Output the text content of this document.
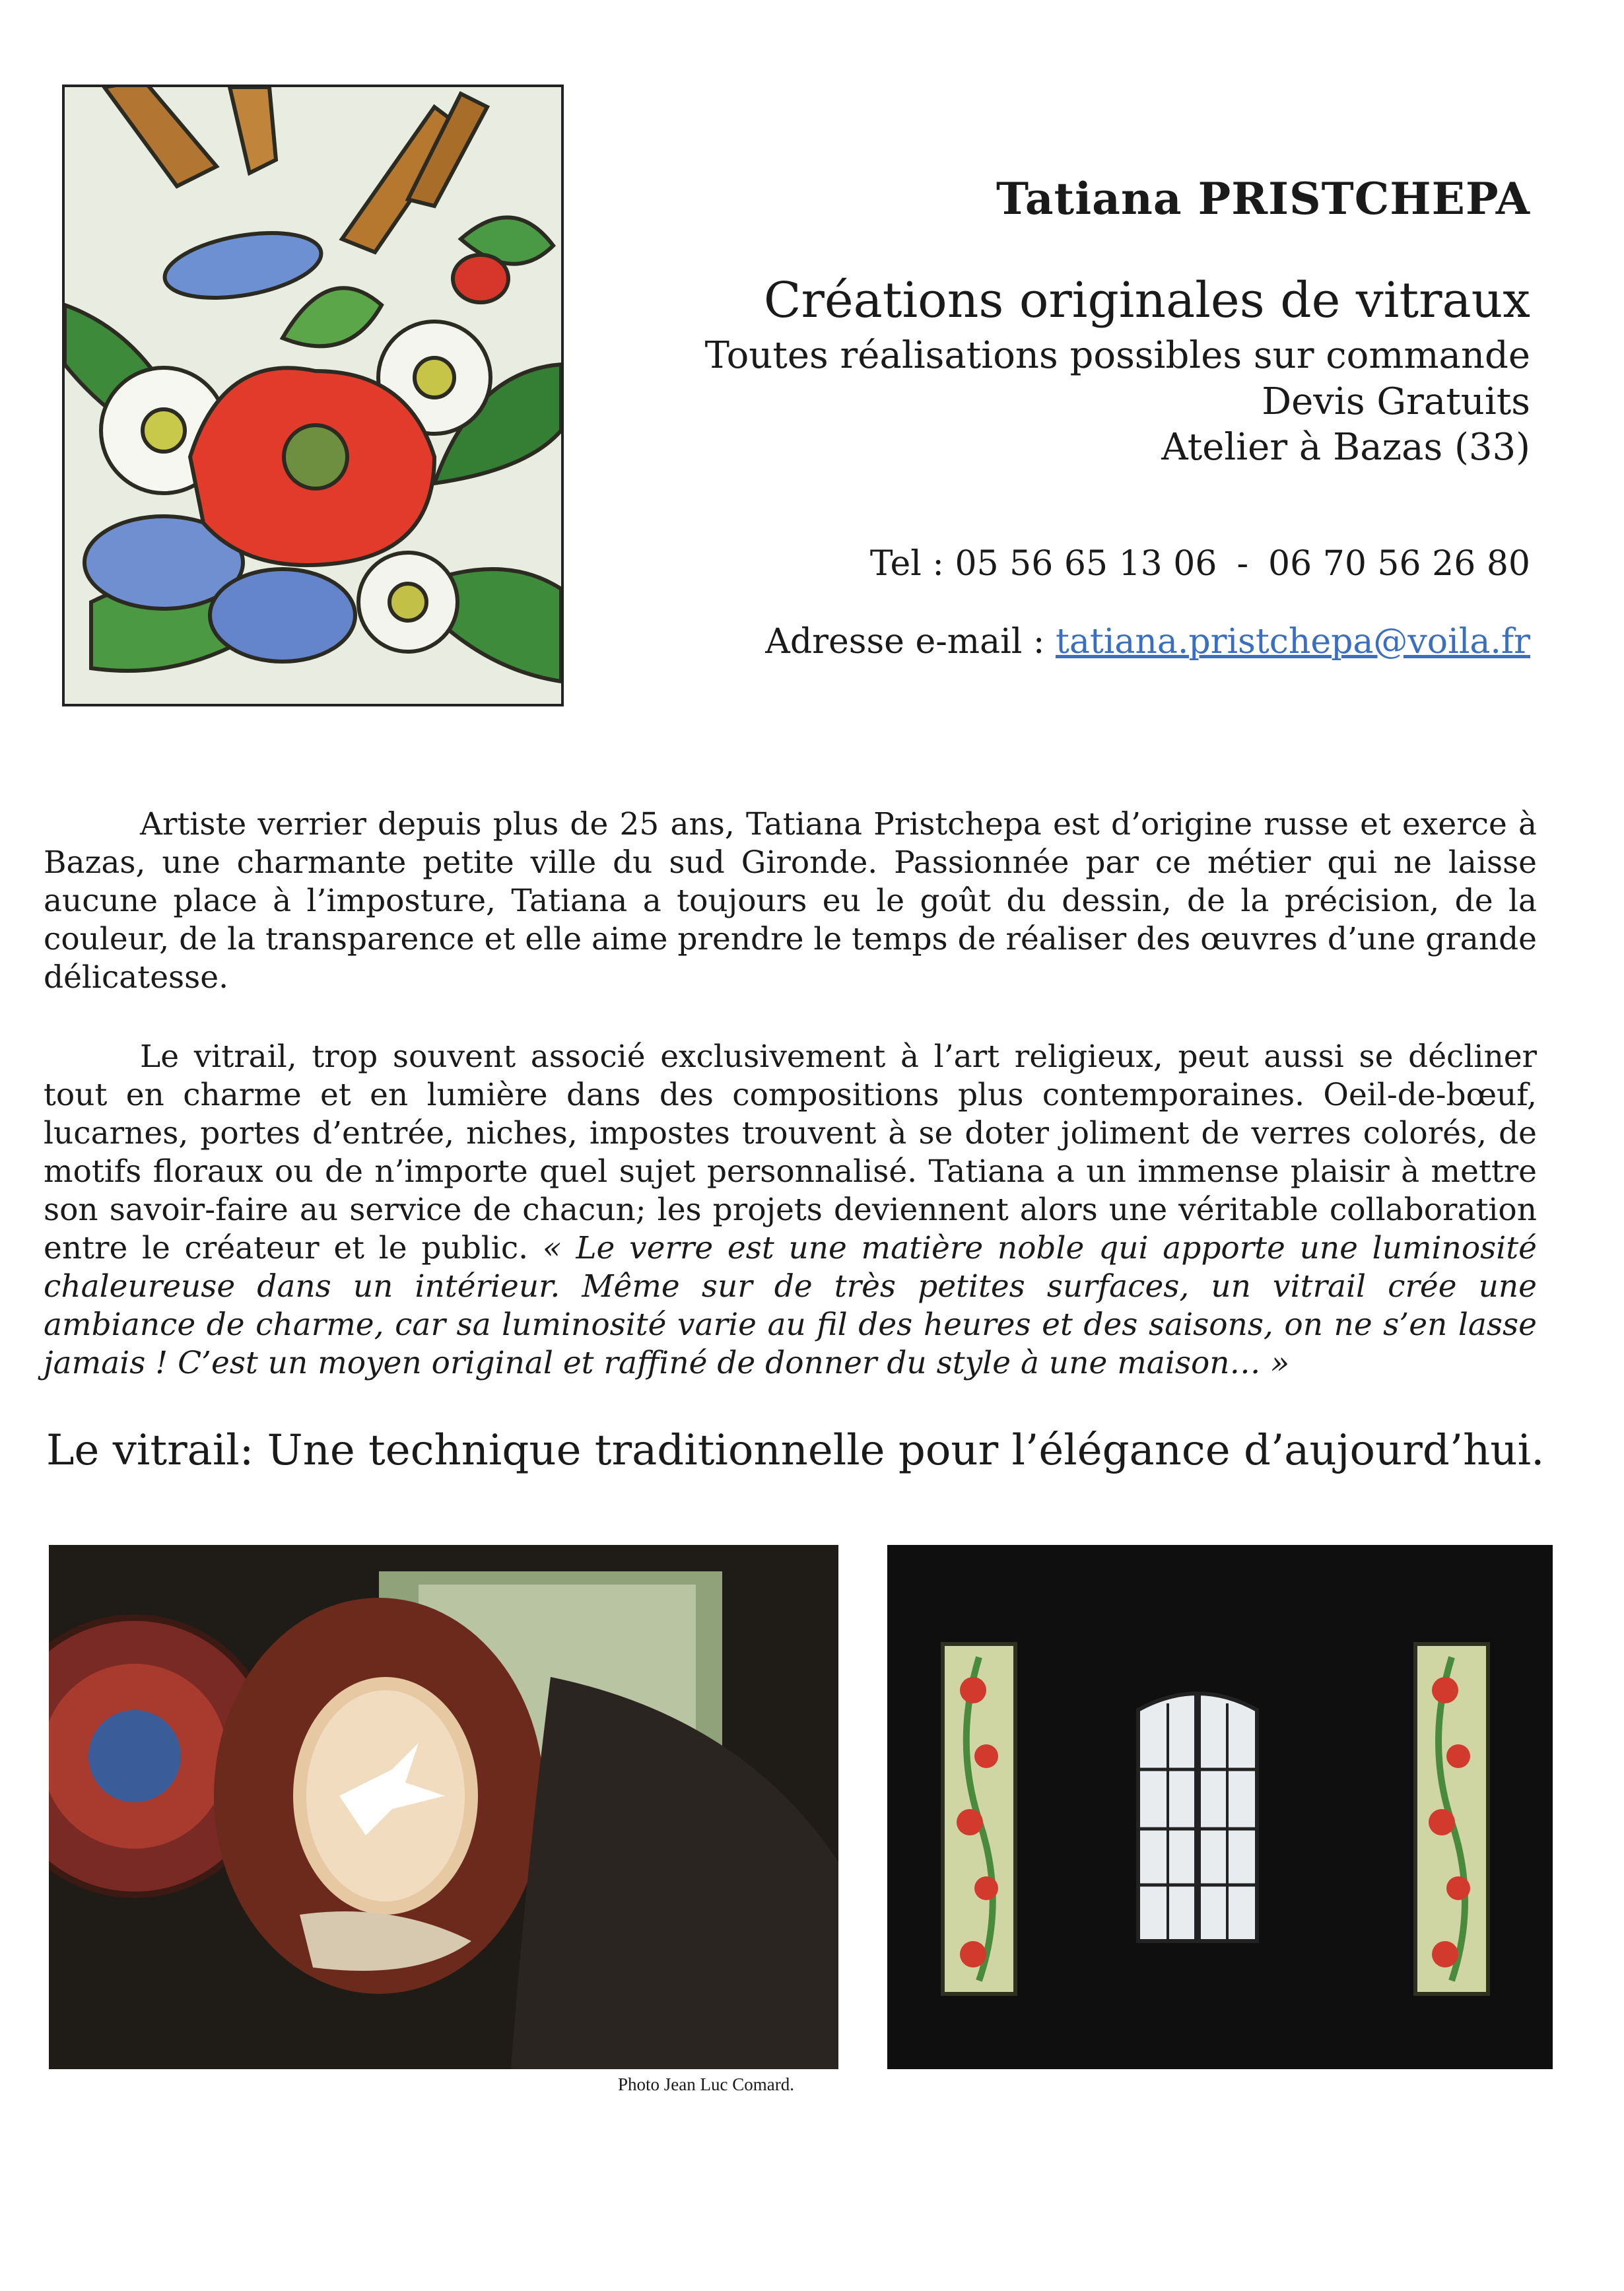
Tatiana PRISTCHEPA
Créations originales de vitraux
Toutes réalisations possibles sur commande
Devis Gratuits
Atelier à Bazas (33)
Tel : 05 56 65 13 06 - 06 70 56 26 80
Adresse e-mail : tatiana.pristchepa@voila.fr
Artiste verrier depuis plus de 25 ans, Tatiana Pristchepa est d’origine russe et exerce à Bazas, une charmante petite ville du sud Gironde. Passionnée par ce métier qui ne laisse aucune place à l’imposture, Tatiana a toujours eu le goût du dessin, de la précision, de la couleur, de la transparence et elle aime prendre le temps de réaliser des œuvres d’une grande délicatesse.
Le vitrail, trop souvent associé exclusivement à l’art religieux, peut aussi se décliner tout en charme et en lumière dans des compositions plus contemporaines. Oeil-de-bœuf, lucarnes, portes d’entrée, niches, impostes trouvent à se doter joliment de verres colorés, de motifs floraux ou de n’importe quel sujet personnalisé. Tatiana a un immense plaisir à mettre son savoir-faire au service de chacun; les projets deviennent alors une véritable collaboration entre le créateur et le public. « Le verre est une matière noble qui apporte une luminosité chaleureuse dans un intérieur. Même sur de très petites surfaces, un vitrail crée une ambiance de charme, car sa luminosité varie au fil des heures et des saisons, on ne s’en lasse jamais ! C’est un moyen original et raffiné de donner du style à une maison… »
Le vitrail: Une technique traditionnelle pour l’élégance d’aujourd’hui.
Photo Jean Luc Comard.
